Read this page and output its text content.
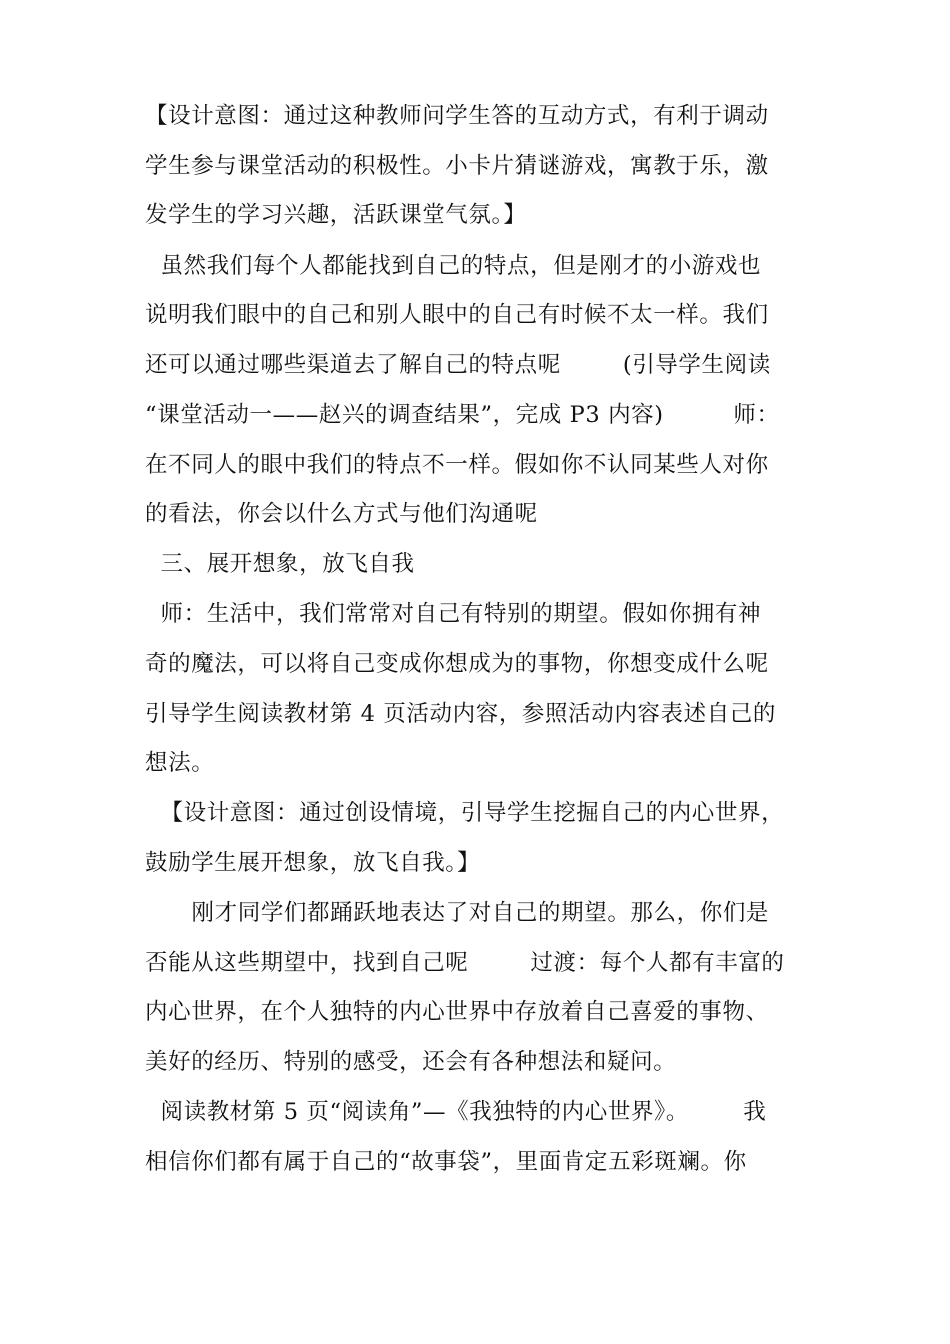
【设计意图：通过这种教师问学生答的互动方式，有利于调动
学生参与课堂活动的积极性。小卡片猜谜游戏，寓教于乐，激
发学生的学习兴趣，活跃课堂气氛。】
虽然我们每个人都能找到自己的特点，但是刚才的小游戏也
说明我们眼中的自己和别人眼中的自己有时候不太一样。我们
还可以通过哪些渠道去了解自己的特点呢        (引导学生阅读
“课堂活动一——赵兴的调查结果”，完成 P3 内容)         师：
在不同人的眼中我们的特点不一样。假如你不认同某些人对你
的看法，你会以什么方式与他们沟通呢
三、展开想象，放飞自我
师：生活中，我们常常对自己有特别的期望。假如你拥有神
奇的魔法，可以将自己变成你想成为的事物，你想变成什么呢
引导学生阅读教材第 4 页活动内容，参照活动内容表述自己的
想法。
【设计意图：通过创设情境，引导学生挖掘自己的内心世界，
鼓励学生展开想象，放飞自我。】
刚才同学们都踊跃地表达了对自己的期望。那么，你们是
否能从这些期望中，找到自己呢        过渡：每个人都有丰富的
内心世界，在个人独特的内心世界中存放着自己喜爱的事物、
美好的经历、特别的感受，还会有各种想法和疑问。
阅读教材第 5 页“阅读角”—《我独特的内心世界》。       我
相信你们都有属于自己的“故事袋”，里面肯定五彩斑斓。你
